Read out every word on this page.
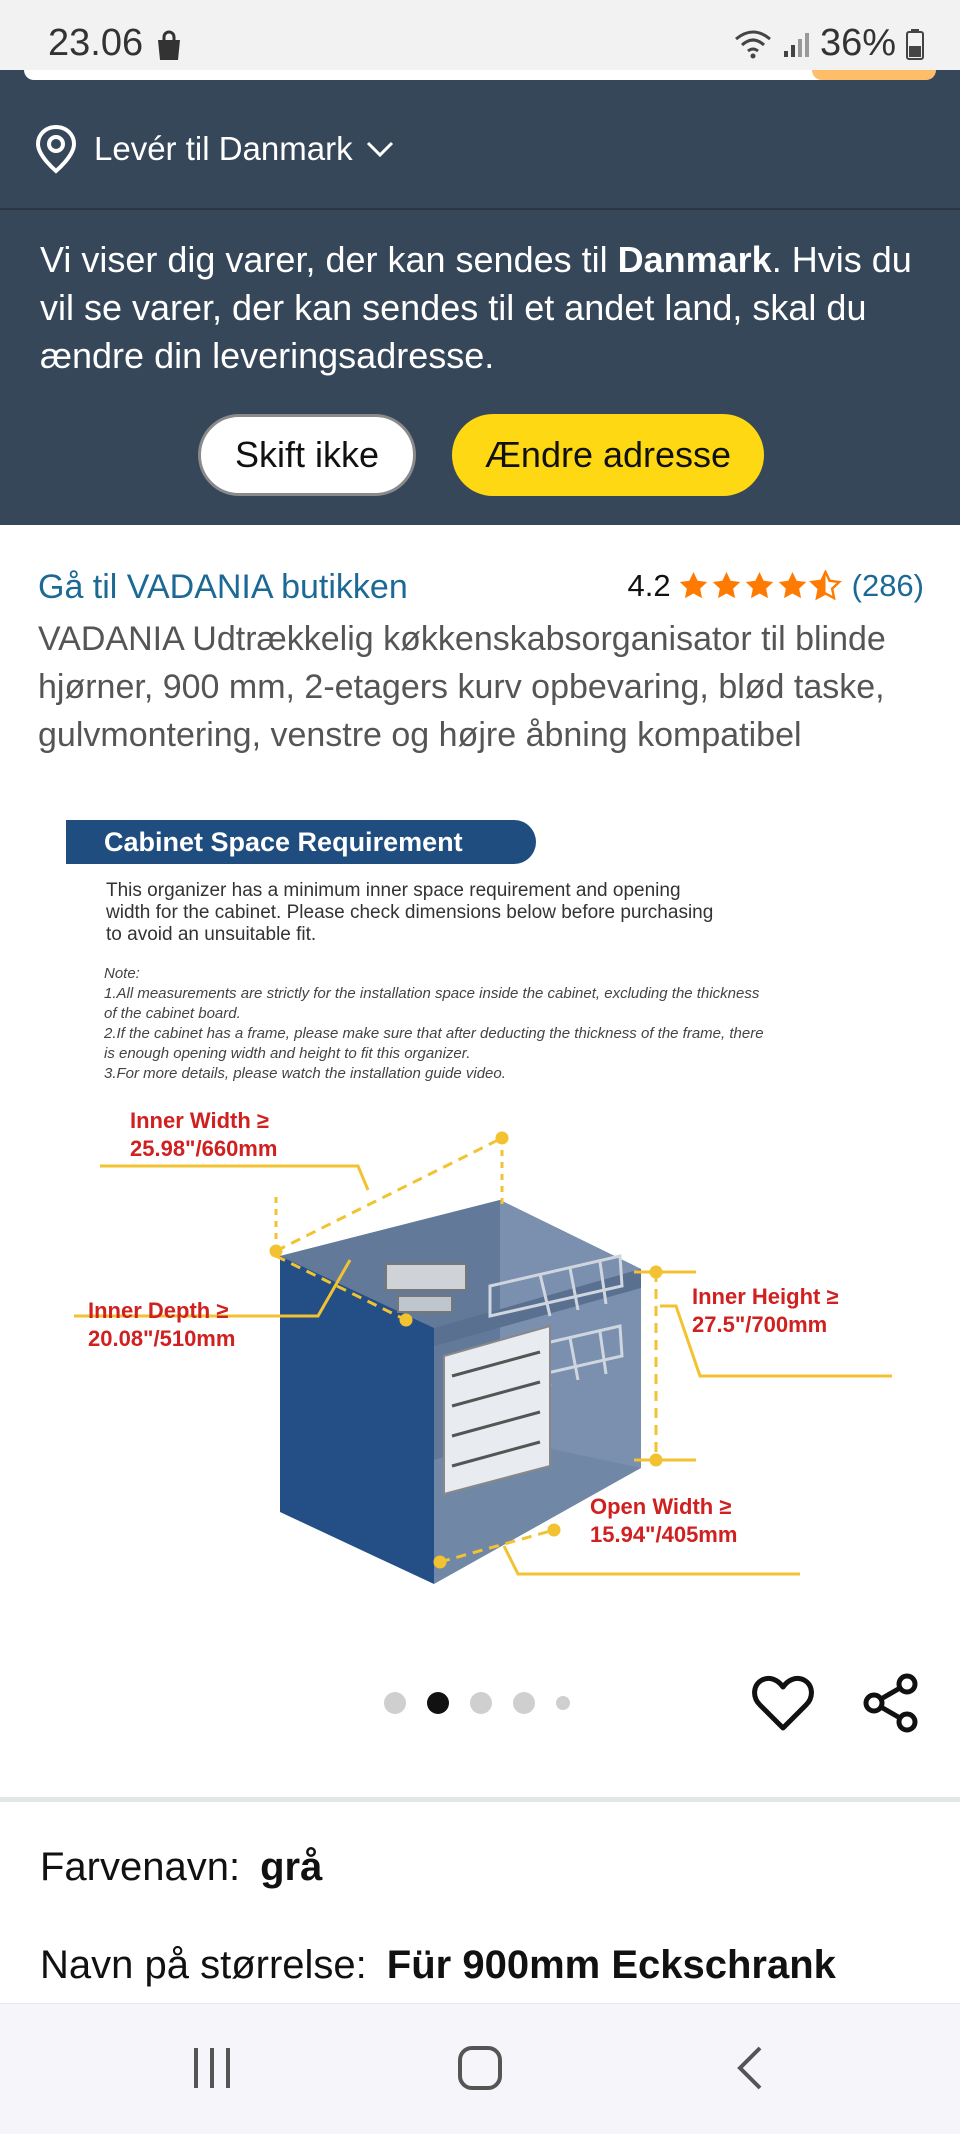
23.06	36%
Levér til Danmark
Vi viser dig varer, der kan sendes til Danmark. Hvis du vil se varer, der kan sendes til et andet land, skal du ændre din leveringsadresse.
Skift ikke	Ændre adresse
Gå til VADANIA butikken	4.2	(286)
VADANIA Udtrækkelig køkkenskabsorganisator til blinde hjørner, 900 mm, 2-etagers kurv opbevaring, blød taske, gulvmontering, venstre og højre åbning kompatibel
Cabinet Space Requirement
This organizer has a minimum inner space requirement and opening
width for the cabinet. Please check dimensions below before purchasing
to avoid an unsuitable fit.
Note:
1.All measurements are strictly for the installation space inside the cabinet, excluding the thickness
of the cabinet board.
2.If the cabinet has a frame, please make sure that after deducting the thickness of the frame, there
is enough opening width and height to fit this organizer.
3.For more details, please watch the installation guide video.
Inner Width ≥
25.98"/660mm
Inner Depth ≥
20.08"/510mm
Inner Height ≥
27.5"/700mm
Open Width ≥
15.94"/405mm
Farvenavn: grå
Navn på størrelse: Für 900mm Eckschrank
